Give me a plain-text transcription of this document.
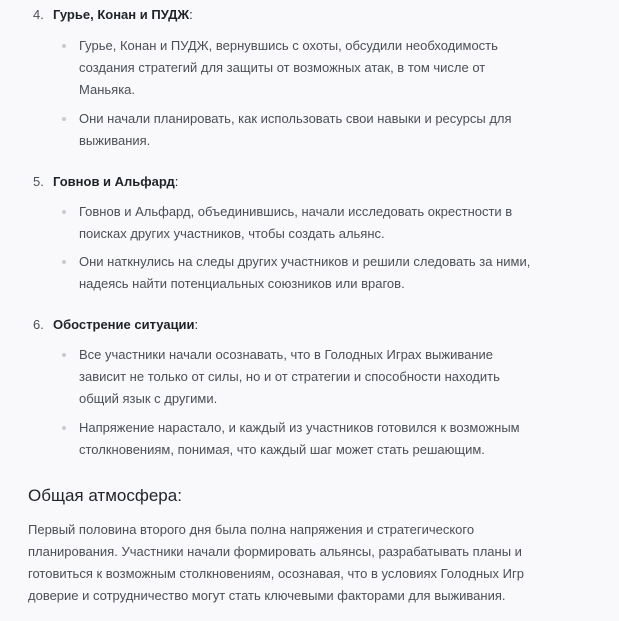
4. Гурье, Конан и ПУДЖ:
Гурье, Конан и ПУДЖ, вернувшись с охоты, обсудили необходимость
создания стратегий для защиты от возможных атак, в том числе от
Маньяка.
Они начали планировать, как использовать свои навыки и ресурсы для
выживания.
5. Говнов и Альфард:
Говнов и Альфард, объединившись, начали исследовать окрестности в
поисках других участников, чтобы создать альянс.
Они наткнулись на следы других участников и решили следовать за ними,
надеясь найти потенциальных союзников или врагов.
6. Обострение ситуации:
Все участники начали осознавать, что в Голодных Играх выживание
зависит не только от силы, но и от стратегии и способности находить
общий язык с другими.
Напряжение нарастало, и каждый из участников готовился к возможным
столкновениям, понимая, что каждый шаг может стать решающим.
Общая атмосфера:
Первый половина второго дня была полна напряжения и стратегического
планирования. Участники начали формировать альянсы, разрабатывать планы и
готовиться к возможным столкновениям, осознавая, что в условиях Голодных Игр
доверие и сотрудничество могут стать ключевыми факторами для выживания.
